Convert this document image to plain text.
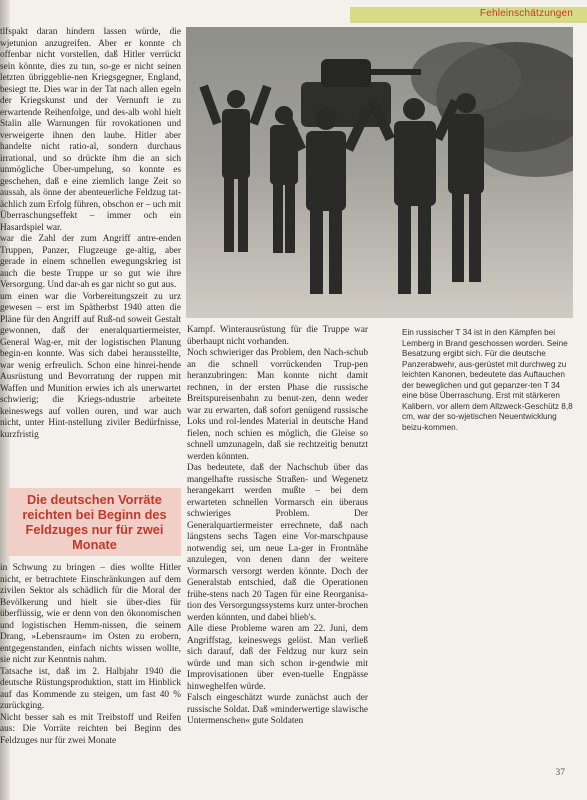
Fehleinschätzungen

tlfspakt daran hindern lassen würde, die wjetunion anzugreifen. Aber er konnte ch offenbar nicht vorstellen, daß Hitler verrückt sein könnte, dies zu tun, so-ge er nicht seinen letzten übriggeblie-nen Kriegsgegner, England, besiegt tte. Dies war in der Tat nach allen egeln der Kriegskunst und der Vernunft ie zu erwartende Reihenfolge, und des-alb wohl hielt Stalin alle Warnungen für rovokationen und verweigerte ihnen den laube. Hitler aber handelte nicht ratio-al, sondern durchaus irrational, und so drückte ihm die an sich unmögliche Über-umpelung, so konnte es geschehen, daß e eine ziemlich lange Zeit so aussah, als önne der abenteuerliche Feldzug tat-ächlich zum Erfolg führen, obschon er – uch mit Überraschungseffekt – immer och ein Hasardspiel war.

war die Zahl der zum Angriff antre-enden Truppen, Panzer, Flugzeuge ge-altig, aber gerade in einem schnellen ewegungskrieg ist auch die beste Truppe ur so gut wie ihre Versorgung. Und dar-ah es gar nicht so gut aus.

um einen war die Vorbereitungszeit zu urz gewesen – erst im Spätherbst 1940 atten die Pläne für den Angriff auf Ruß-nd soweit Gestalt gewonnen, daß der eneralquartiermeister, General Wag-er, mit der logistischen Planung begin-en konnte. Was sich dabei herausstellte, war wenig erfreulich. Schon eine hinrei-hende Ausrüstung und Bevorratung der ruppen mit Waffen und Munition erwies ich als unerwartet schwierig; die Kriegs-ndustrie arbeitete keineswegs auf vollen ouren, und war auch nicht, unter Hint-nstellung ziviler Bedürfnisse, kurzfristig

Die deutschen Vorräte reichten bei Beginn des Feldzuges nur für zwei Monate

in Schwung zu bringen – dies wollte Hitler nicht, er betrachtete Einschränkungen auf dem zivilen Sektor als schädlich für die Moral der Bevölkerung und hielt sie über-dies für überflüssig, wie er denn von den ökonomischen und logistischen Hemm-nissen, die seinem Drang, »Lebensraum« im Osten zu erobern, entgegenstanden, einfach nichts wissen wollte, sie nicht zur Kenntnis nahm.

Tatsache ist, daß im 2. Halbjahr 1940 die deutsche Rüstungsproduktion, statt im Hinblick auf das Kommende zu steigen, um fast 40 % zurückging.

Nicht besser sah es mit Treibstoff und Reifen aus: Die Vorräte reichten bei Beginn des Feldzuges nur für zwei Monate

Kampf. Winterausrüstung für die Truppe war überhaupt nicht vorhanden.

Noch schwieriger das Problem, den Nach-schub an die schnell vorrückenden Trup-pen heranzubringen: Man konnte nicht damit rechnen, in der ersten Phase die russische Breitspureisenbahn zu benut-zen, denn weder war zu erwarten, daß sofort genügend russische Loks und rol-lendes Material in deutsche Hand fielen, noch schien es möglich, die Gleise so schnell umzunageln, daß sie rechtzeitig benutzt werden könnten.

Das bedeutete, daß der Nachschub über das mangelhafte russische Straßen- und Wegenetz herangekarrt werden mußte – bei dem erwarteten schnellen Vormarsch ein überaus schwieriges Problem. Der Generalquartiermeister errechnete, daß nach längstens sechs Tagen eine Vor-marschpause notwendig sei, um neue La-ger in Frontnähe anzulegen, von denen dann der weitere Vormarsch versorgt werden könnte. Doch der Generalstab entschied, daß die Operationen frühe-stens nach 20 Tagen für eine Reorganisa-tion des Versorgungssystems kurz unter-brochen werden könnten, und dabei blieb's.

Alle diese Probleme waren am 22. Juni, dem Angriffstag, keineswegs gelöst. Man verließ sich darauf, daß der Feldzug nur kurz sein würde und man sich schon ir-gendwie mit Improvisationen über even-tuelle Engpässe hinweghelfen würde.

Falsch eingeschätzt wurde zunächst auch der russische Soldat. Daß »minderwertige slawische Untermenschen« gute Soldaten

Ein russischer T 34 ist in den Kämpfen bei Lemberg in Brand geschossen worden. Seine Besatzung ergibt sich. Für die deutsche Panzerabwehr, aus-gerüstet mit durchweg zu leichten Kanonen, bedeutete das Auftauchen der beweglichen und gut gepanzer-ten T 34 eine böse Überraschung. Erst mit stärkeren Kalibern, vor allem dem Allzweck-Geschütz 8,8 cm, war der so-wjetischen Neuentwicklung beizu-kommen.
37
